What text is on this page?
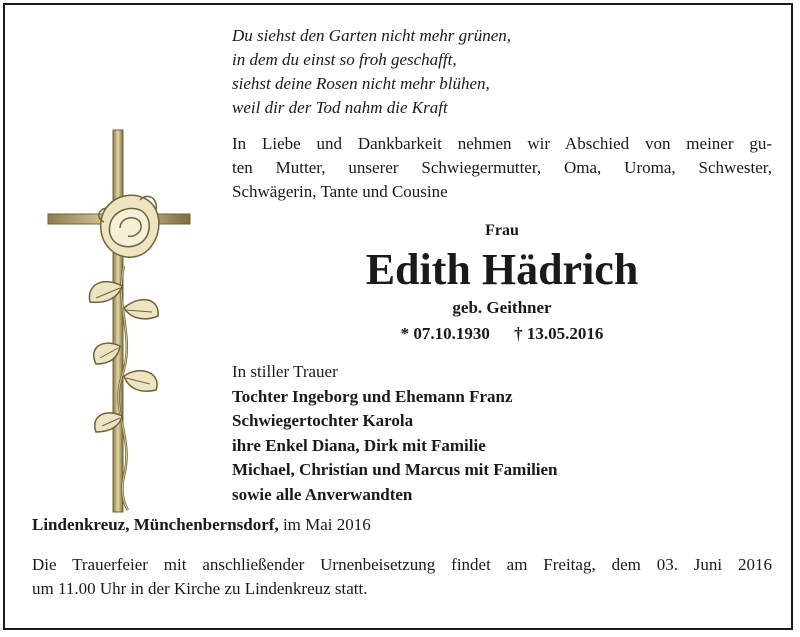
Du siehst den Garten nicht mehr grünen,
in dem du einst so froh geschafft,
siehst deine Rosen nicht mehr blühen,
weil dir der Tod nahm die Kraft
In Liebe und Dankbarkeit nehmen wir Abschied von meiner gu-
ten Mutter, unserer Schwiegermutter, Oma, Uroma, Schwester,
Schwägerin, Tante und Cousine
Frau
Edith Hädrich
geb. Geithner
* 07.10.1930 † 13.05.2016
In stiller Trauer
Tochter Ingeborg und Ehemann Franz
Schwiegertochter Karola
ihre Enkel Diana, Dirk mit Familie
Michael, Christian und Marcus mit Familien
sowie alle Anverwandten
Lindenkreuz, Münchenbernsdorf, im Mai 2016
Die Trauerfeier mit anschließender Urnenbeisetzung findet am Freitag, dem 03. Juni 2016
um 11.00 Uhr in der Kirche zu Lindenkreuz statt.
